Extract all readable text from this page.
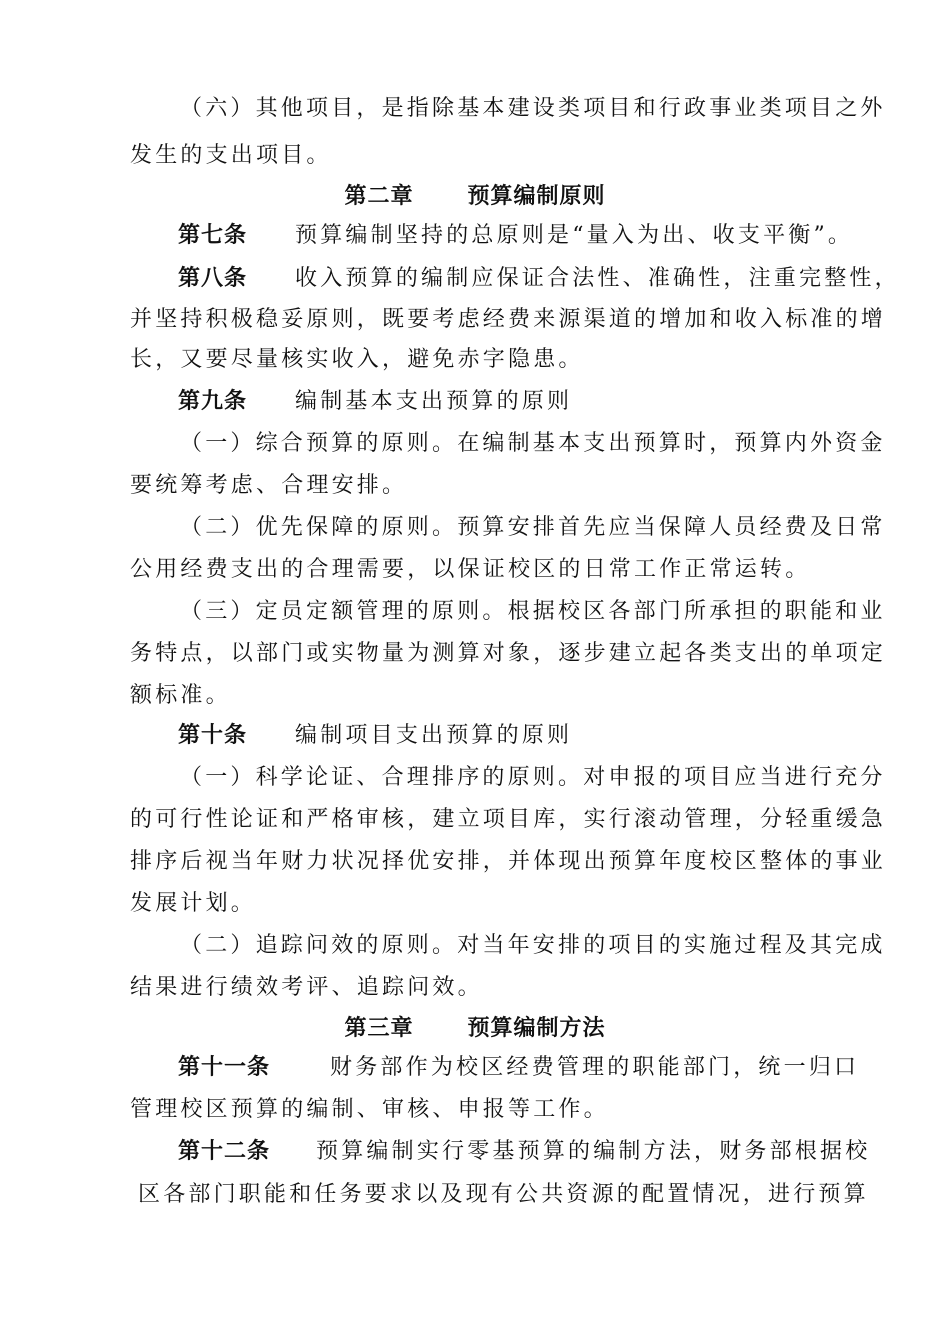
（六）其他项目，是指除基本建设类项目和行政事业类项目之外
发生的支出项目。
第二章 预算编制原则
第七条 预算编制坚持的总原则是“量入为出、收支平衡”。
第八条 收入预算的编制应保证合法性、准确性，注重完整性，
并坚持积极稳妥原则，既要考虑经费来源渠道的增加和收入标准的增
长，又要尽量核实收入，避免赤字隐患。
第九条 编制基本支出预算的原则
（一）综合预算的原则。在编制基本支出预算时，预算内外资金
要统筹考虑、合理安排。
（二）优先保障的原则。预算安排首先应当保障人员经费及日常
公用经费支出的合理需要，以保证校区的日常工作正常运转。
（三）定员定额管理的原则。根据校区各部门所承担的职能和业
务特点，以部门或实物量为测算对象，逐步建立起各类支出的单项定
额标准。
第十条 编制项目支出预算的原则
（一）科学论证、合理排序的原则。对申报的项目应当进行充分
的可行性论证和严格审核，建立项目库，实行滚动管理，分轻重缓急
排序后视当年财力状况择优安排，并体现出预算年度校区整体的事业
发展计划。
（二）追踪问效的原则。对当年安排的项目的实施过程及其完成
结果进行绩效考评、追踪问效。
第三章 预算编制方法
第十一条	财务部作为校区经费管理的职能部门，统一归口
管理校区预算的编制、审核、申报等工作。
第十二条 预算编制实行零基预算的编制方法，财务部根据校
区各部门职能和任务要求以及现有公共资源的配置情况，进行预算
